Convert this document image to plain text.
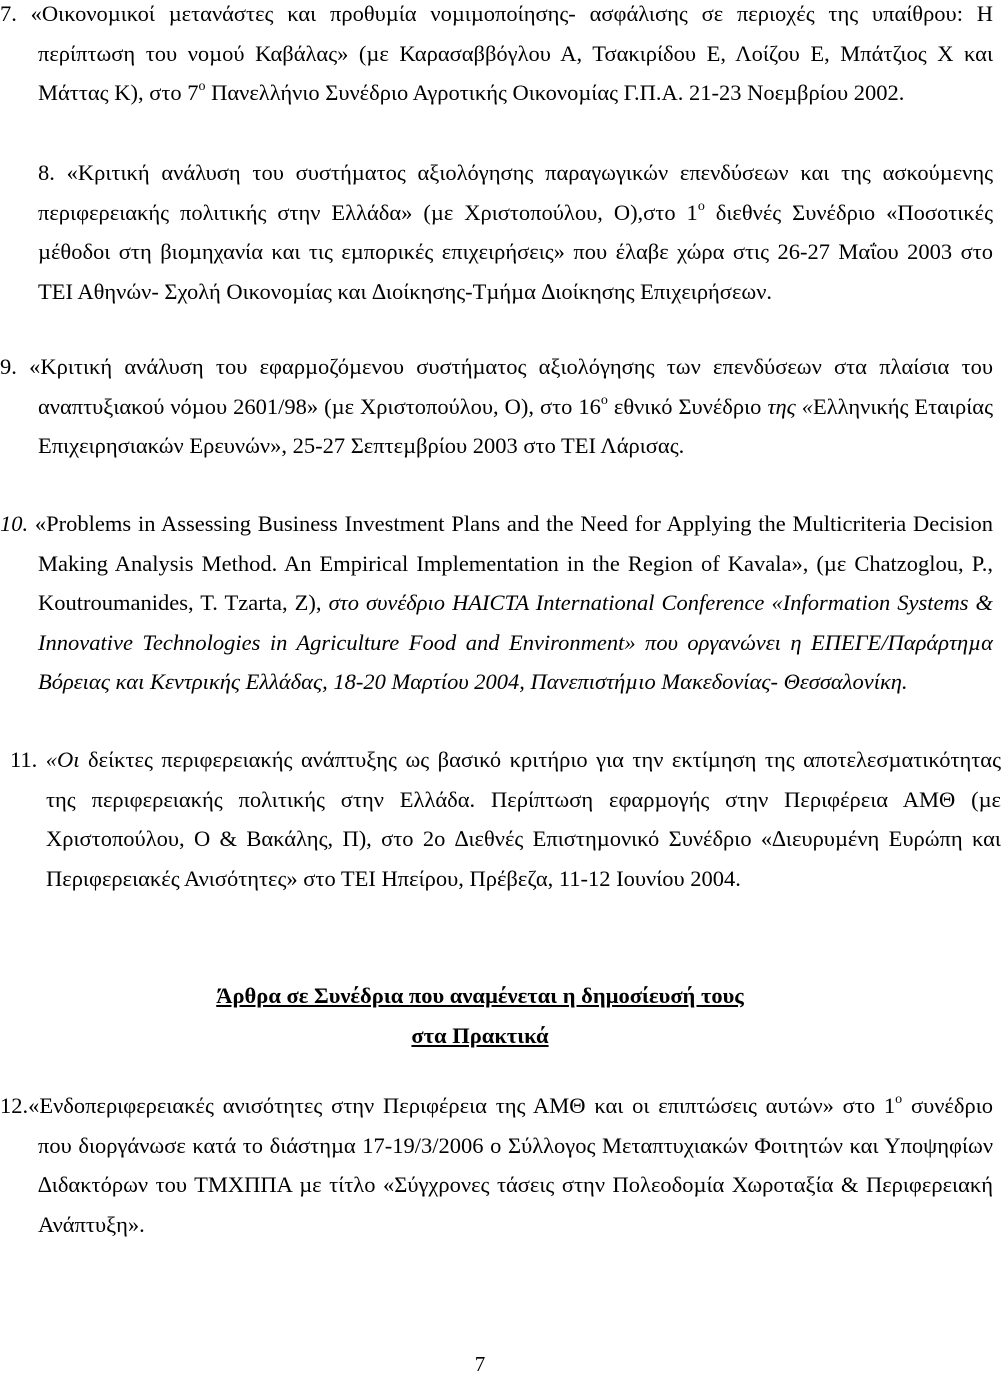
7. «Οικονοµικοί µετανάστες και προθυµία νοµιµοποίησης- ασφάλισης σε περιοχές της υπαίθρου: Η περίπτωση του νοµού Καβάλας» (µε Καρασαββόγλου Α, Τσακιρίδου Ε, Λοίζου Ε, Μπάτζιος Χ και Μάττας Κ), στο $7^o$ Πανελλήνιο Συνέδριο Αγροτικής Οικονοµίας Γ.Π.Α. 21-23 Νοεµβρίου 2002.
8. «Κριτική ανάλυση του συστήµατος αξιολόγησης παραγωγικών επενδύσεων και της ασκούµενης περιφερειακής πολιτικής στην Ελλάδα» (µε Χριστοπούλου, Ο),στο $1^o$ διεθνές Συνέδριο «Ποσοτικές µέθοδοι στη βιοµηχανία και τις εµπορικές επιχειρήσεις» που έλαβε χώρα στις 26-27 Μαΐου 2003 στο ΤΕΙ Αθηνών- Σχολή Οικονοµίας και ∆ιοίκησης-Τµήµα ∆ιοίκησης Επιχειρήσεων.
9. «Κριτική ανάλυση του εφαρµοζόµενου συστήµατος αξιολόγησης των επενδύσεων στα πλαίσια του αναπτυξιακού νόµου 2601/98» (µε Χριστοπούλου, Ο), στο $16^o$ εθνικό Συνέδριο της «Ελληνικής Εταιρίας Επιχειρησιακών Ερευνών», 25-27 Σεπτεµβρίου 2003 στο ΤΕΙ Λάρισας.
10. «Problems in Assessing Business Investment Plans and the Need for Applying the Multicriteria Decision Making Analysis Method. An Empirical Implementation in the Region of Kavala», (µε Chatzoglou, P., Koutroumanides, T. Tzarta, Z), στο συνέδριο HAICTA International Conference «Information Systems & Innovative Technologies in Agriculture Food and Environment» που οργανώνει η ΕΠΕΓΕ/Παράρτηµα Βόρειας και Κεντρικής Ελλάδας, 18-20 Μαρτίου 2004, Πανεπιστήµιο Μακεδονίας- Θεσσαλονίκη.
11. «Οι δείκτες περιφερειακής ανάπτυξης ως βασικό κριτήριο για την εκτίµηση της αποτελεσµατικότητας της περιφερειακής πολιτικής στην Ελλάδα. Περίπτωση εφαρµογής στην Περιφέρεια ΑΜΘ (µε Χριστοπούλου, Ο & Βακάλης, Π), στο 2ο ∆ιεθνές Επιστηµονικό Συνέδριο «∆ιευρυµένη Ευρώπη και Περιφερειακές Ανισότητες» στο ΤΕΙ Ηπείρου, Πρέβεζα, 11-12 Ιουνίου 2004.
Άρθρα σε Συνέδρια που αναµένεται η δηµοσίευσή τους
στα Πρακτικά
12.«Ενδοπεριφερειακές ανισότητες στην Περιφέρεια της ΑΜΘ και οι επιπτώσεις αυτών» στο $1^o$ συνέδριο που διοργάνωσε κατά το διάστηµα 17-19/3/2006 ο Σύλλογος Μεταπτυχιακών Φοιτητών και Υποψηφίων ∆ιδακτόρων του ΤΜΧΠΠΑ µε τίτλο «Σύγχρονες τάσεις στην Πολεοδοµία Χωροταξία & Περιφερειακή Ανάπτυξη».
7
